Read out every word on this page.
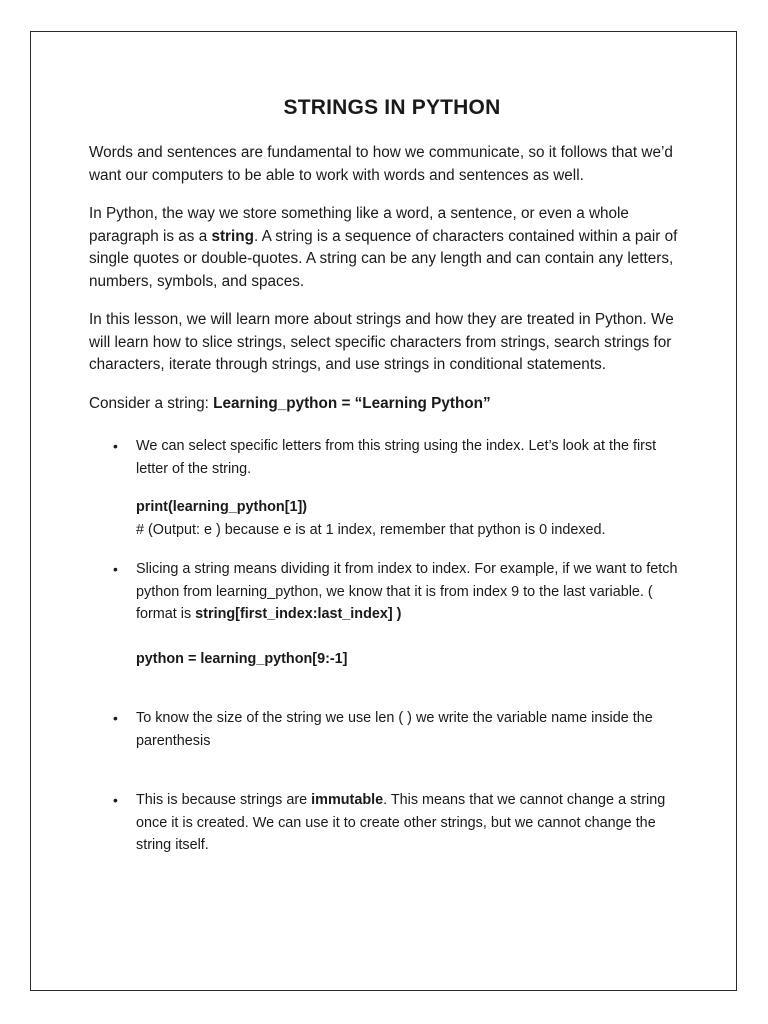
STRINGS IN PYTHON

Words and sentences are fundamental to how we communicate, so it follows that we’d want our computers to be able to work with words and sentences as well.

In Python, the way we store something like a word, a sentence, or even a whole paragraph is as a string. A string is a sequence of characters contained within a pair of single quotes or double-quotes. A string can be any length and can contain any letters, numbers, symbols, and spaces.

In this lesson, we will learn more about strings and how they are treated in Python. We will learn how to slice strings, select specific characters from strings, search strings for characters, iterate through strings, and use strings in conditional statements.

Consider a string: Learning_python = “Learning Python”

• We can select specific letters from this string using the index. Let’s look at the first letter of the string.
print(learning_python[1])
# (Output: e ) because e is at 1 index, remember that python is 0 indexed.
• Slicing a string means dividing it from index to index. For example, if we want to fetch python from learning_python, we know that it is from index 9 to the last variable. ( format is string[first_index:last_index] )
python = learning_python[9:-1]
• To know the size of the string we use len ( ) we write the variable name inside the parenthesis
• This is because strings are immutable. This means that we cannot change a string once it is created. We can use it to create other strings, but we cannot change the string itself.
